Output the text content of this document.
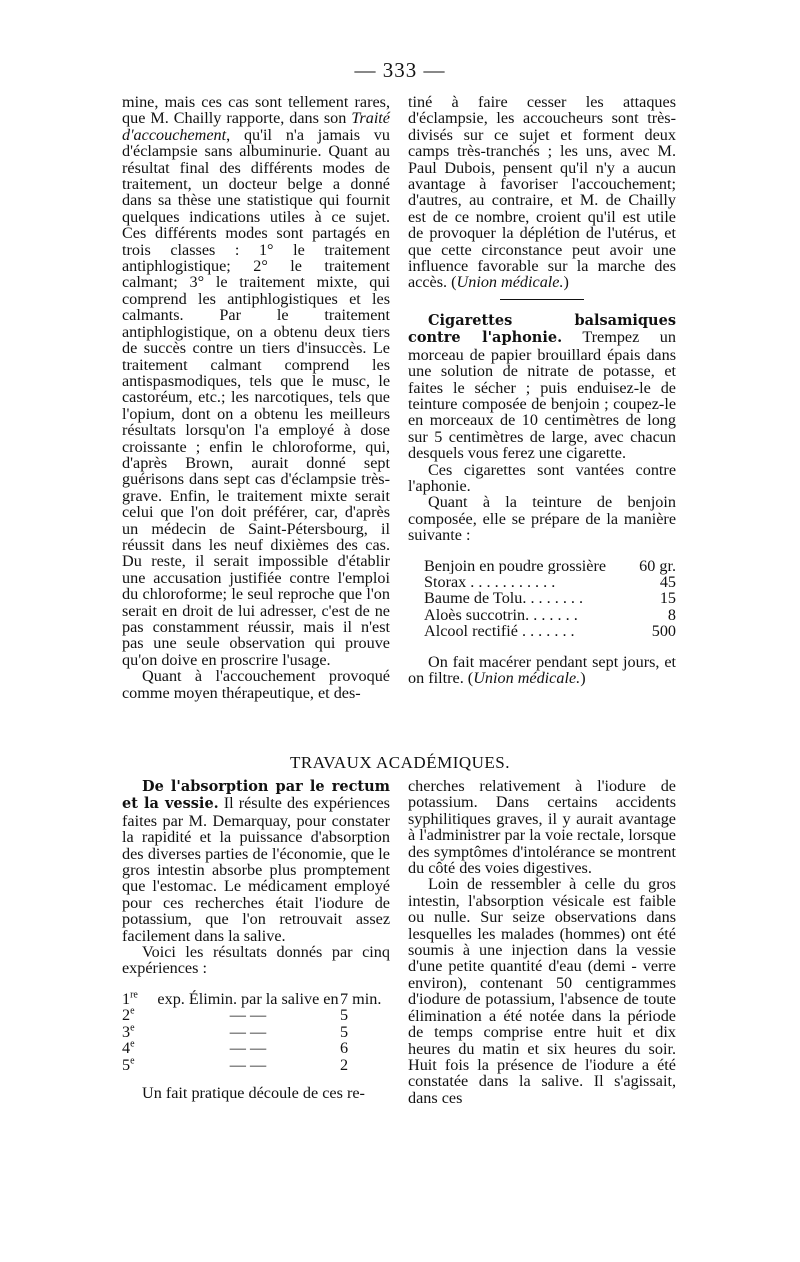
— 333 —

mine, mais ces cas sont tellement rares, que M. Chailly rapporte, dans son Traité d'accouchement, qu'il n'a jamais vu d'éclampsie sans albuminurie. Quant au résultat final des différents modes de traitement, un docteur belge a donné dans sa thèse une statistique qui fournit quelques indications utiles à ce sujet. Ces différents modes sont partagés en trois classes : 1° le traitement antiphlogistique; 2° le traitement calmant; 3° le traitement mixte, qui comprend les antiphlogistiques et les calmants. Par le traitement antiphlogistique, on a obtenu deux tiers de succès contre un tiers d'insuccès. Le traitement calmant comprend les antispasmodiques, tels que le musc, le castoréum, etc.; les narcotiques, tels que l'opium, dont on a obtenu les meilleurs résultats lorsqu'on l'a employé à dose croissante ; enfin le chloroforme, qui, d'après Brown, aurait donné sept guérisons dans sept cas d'éclampsie très-grave. Enfin, le traitement mixte serait celui que l'on doit préférer, car, d'après un médecin de Saint-Pétersbourg, il réussit dans les neuf dixièmes des cas. Du reste, il serait impossible d'établir une accusation justifiée contre l'emploi du chloroforme; le seul reproche que l'on serait en droit de lui adresser, c'est de ne pas constamment réussir, mais il n'est pas une seule observation qui prouve qu'on doive en proscrire l'usage.

Quant à l'accouchement provoqué comme moyen thérapeutique, et des-

tiné à faire cesser les attaques d'éclampsie, les accoucheurs sont très-divisés sur ce sujet et forment deux camps très-tranchés ; les uns, avec M. Paul Dubois, pensent qu'il n'y a aucun avantage à favoriser l'accouchement; d'autres, au contraire, et M. de Chailly est de ce nombre, croient qu'il est utile de provoquer la déplétion de l'utérus, et que cette circonstance peut avoir une influence favorable sur la marche des accès. (Union médicale.)

Cigarettes balsamiques contre l'aphonie. Trempez un morceau de papier brouillard épais dans une solution de nitrate de potasse, et faites le sécher ; puis enduisez-le de teinture composée de benjoin ; coupez-le en morceaux de 10 centimètres de long sur 5 centimètres de large, avec chacun desquels vous ferez une cigarette.

Ces cigarettes sont vantées contre l'aphonie.

Quant à la teinture de benjoin composée, elle se prépare de la manière suivante :

Benjoin en poudre grossière	60 gr.
Storax . . . . . . . . . . .	45
Baume de Tolu. . . . . . . .	15
Aloès succotrin. . . . . . .	8
Alcool rectifié . . . . . . .	500

On fait macérer pendant sept jours, et on filtre. (Union médicale.)

TRAVAUX ACADÉMIQUES.

De l'absorption par le rectum et la vessie. Il résulte des expériences faites par M. Demarquay, pour constater la rapidité et la puissance d'absorption des diverses parties de l'économie, que le gros intestin absorbe plus promptement que l'estomac. Le médicament employé pour ces recherches était l'iodure de potassium, que l'on retrouvait assez facilement dans la salive.

Voici les résultats donnés par cinq expériences :

1re	exp. Élimin. par la salive en 7 min.
2e	— —	5
3e	— —	5
4e	— —	6
5e	— —	2

Un fait pratique découle de ces re-

cherches relativement à l'iodure de potassium. Dans certains accidents syphilitiques graves, il y aurait avantage à l'administrer par la voie rectale, lorsque des symptômes d'intolérance se montrent du côté des voies digestives.

Loin de ressembler à celle du gros intestin, l'absorption vésicale est faible ou nulle. Sur seize observations dans lesquelles les malades (hommes) ont été soumis à une injection dans la vessie d'une petite quantité d'eau (demi - verre environ), contenant 50 centigrammes d'iodure de potassium, l'absence de toute élimination a été notée dans la période de temps comprise entre huit et dix heures du matin et six heures du soir. Huit fois la présence de l'iodure a été constatée dans la salive. Il s'agissait, dans ces
